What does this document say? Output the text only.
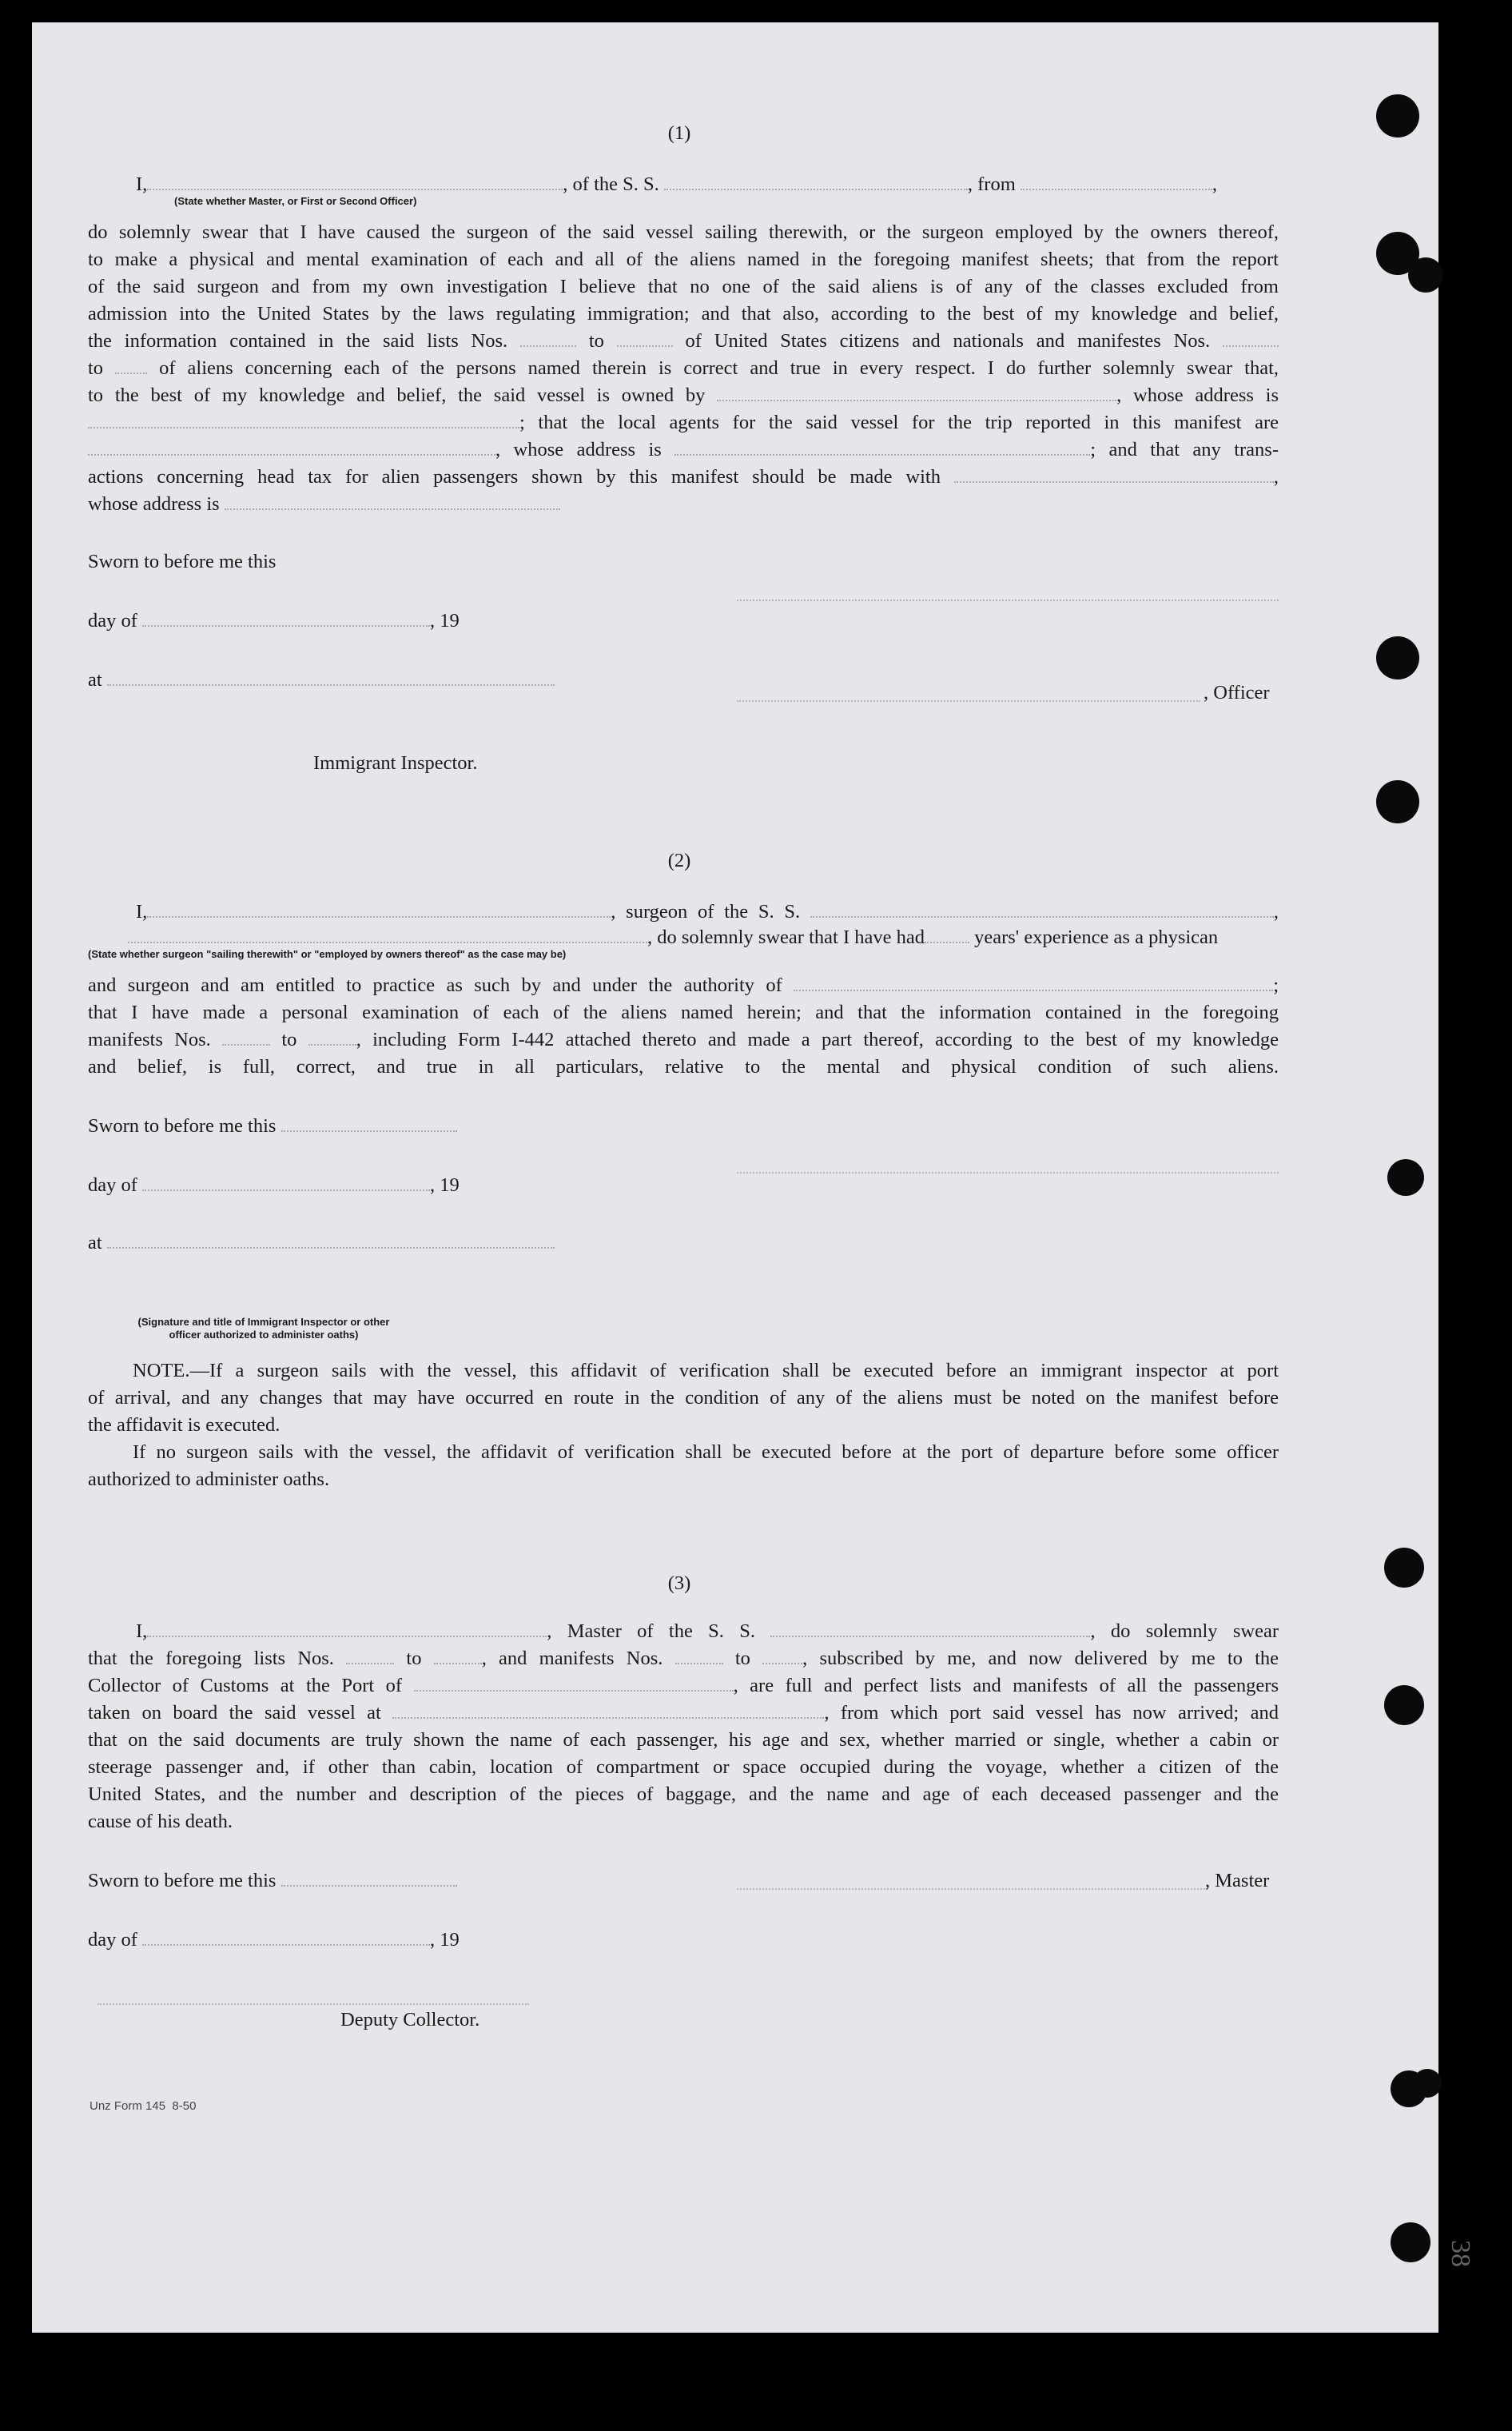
38
(1)
I,	, of the S. S.	, from	,
(State whether Master, or First or Second Officer)
do solemnly swear that I have caused the surgeon of the said vessel sailing therewith, or the surgeon employed by the owners thereof,
to make a physical and mental examination of each and all of the aliens named in the foregoing manifest sheets; that from the report
of the said surgeon and from my own investigation I believe that no one of the said aliens is of any of the classes excluded from
admission into the United States by the laws regulating immigration; and that also, according to the best of my knowledge and belief,
the information contained in the said lists Nos.	to	of United States citizens and nationals and manifestes Nos.
to	of aliens concerning each of the persons named therein is correct and true in every respect. I do further solemnly swear that,
to the best of my knowledge and belief, the said vessel is owned by	, whose address is
; that the local agents for the said vessel for the trip reported in this manifest are
, whose address is	; and that any trans-
actions concerning head tax for alien passengers shown by this manifest should be made with	,
whose address is
Sworn to before me this
day of	, 19
at
, Officer
Immigrant Inspector.
(2)
I,	, surgeon of the S. S.	,
, do solemnly swear that I have had	years' experience as a physican
(State whether surgeon "sailing therewith" or "employed by owners thereof" as the case may be)
and surgeon and am entitled to practice as such by and under the authority of	;
that I have made a personal examination of each of the aliens named herein; and that the information contained in the foregoing
manifests Nos.	to	, including Form I-442 attached thereto and made a part thereof, according to the best of my knowledge
and belief, is full, correct, and true in all particulars, relative to the mental and physical condition of such aliens.
Sworn to before me this
day of	, 19
at
(Signature and title of Immigrant Inspector or other
officer authorized to administer oaths)
NOTE.—If a surgeon sails with the vessel, this affidavit of verification shall be executed before an immigrant inspector at port
of arrival, and any changes that may have occurred en route in the condition of any of the aliens must be noted on the manifest before
the affidavit is executed.
If no surgeon sails with the vessel, the affidavit of verification shall be executed before at the port of departure before some officer
authorized to administer oaths.
(3)
I,	, Master of the S. S.	, do solemnly swear
that the foregoing lists Nos.	to	, and manifests Nos.	to	, subscribed by me, and now delivered by me to the
Collector of Customs at the Port of	, are full and perfect lists and manifests of all the passengers
taken on board the said vessel at	, from which port said vessel has now arrived; and
that on the said documents are truly shown the name of each passenger, his age and sex, whether married or single, whether a cabin or
steerage passenger and, if other than cabin, location of compartment or space occupied during the voyage, whether a citizen of the
United States, and the number and description of the pieces of baggage, and the name and age of each deceased passenger and the
cause of his death.
Sworn to before me this	, Master
day of	, 19
Deputy Collector.
Unz Form 145 8-50
